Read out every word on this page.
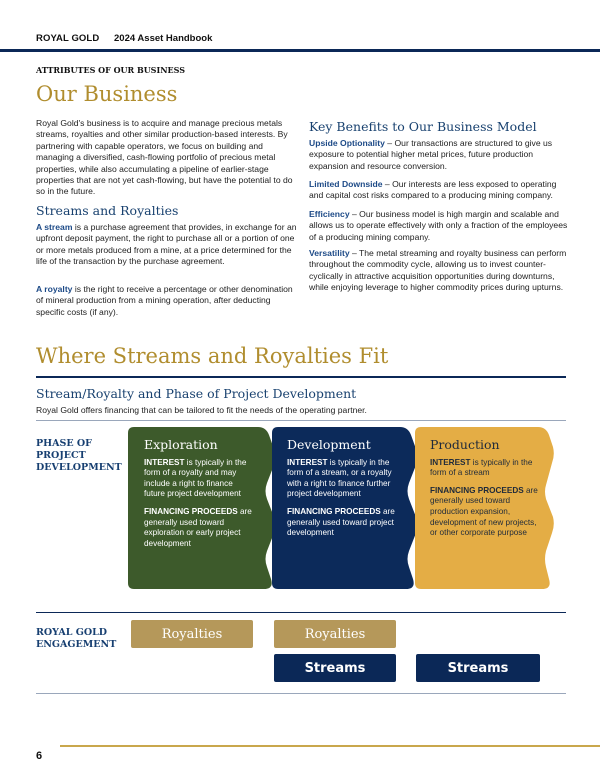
ROYAL GOLD 2024 Asset Handbook
ATTRIBUTES OF OUR BUSINESS
Our Business
Royal Gold's business is to acquire and manage precious metals streams, royalties and other similar production-based interests. By partnering with capable operators, we focus on building and managing a diversified, cash-flowing portfolio of precious metal properties, while also accumulating a pipeline of earlier-stage properties that are not yet cash-flowing, but have the potential to do so in the future.
Streams and Royalties
A stream is a purchase agreement that provides, in exchange for an upfront deposit payment, the right to purchase all or a portion of one or more metals produced from a mine, at a price determined for the life of the transaction by the purchase agreement.
A royalty is the right to receive a percentage or other denomination of mineral production from a mining operation, after deducting specific costs (if any).
Key Benefits to Our Business Model
Upside Optionality – Our transactions are structured to give us exposure to potential higher metal prices, future production expansion and resource conversion.
Limited Downside – Our interests are less exposed to operating and capital cost risks compared to a producing mining company.
Efficiency – Our business model is high margin and scalable and allows us to operate effectively with only a fraction of the employees of a producing mining company.
Versatility – The metal streaming and royalty business can perform throughout the commodity cycle, allowing us to invest counter-cyclically in attractive acquisition opportunities during downturns, while enjoying leverage to higher commodity prices during upturns.
Where Streams and Royalties Fit
Stream/Royalty and Phase of Project Development
Royal Gold offers financing that can be tailored to fit the needs of the operating partner.
PHASE OF PROJECT DEVELOPMENT
Exploration

INTEREST is typically in the form of a royalty and may include a right to finance future project development

FINANCING PROCEEDS are generally used toward exploration or early project development

Development

INTEREST is typically in the form of a stream, or a royalty with a right to finance further project development

FINANCING PROCEEDS are generally used toward project development

Production

INTEREST is typically in the form of a stream

FINANCING PROCEEDS are generally used toward production expansion, development of new projects, or other corporate purpose

ROYAL GOLD ENGAGEMENT
Royalties	Royalties
Streams	Streams
6
